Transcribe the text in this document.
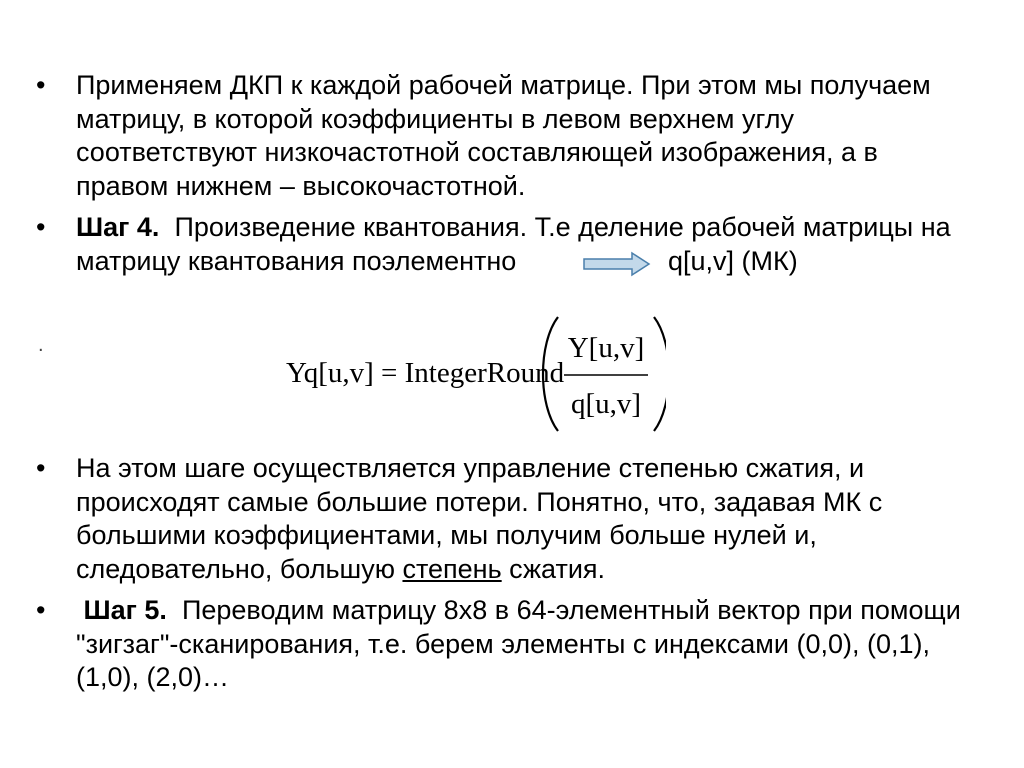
• Применяем ДКП к каждой рабочей матрице. При этом мы получаем
матрицу, в которой коэффициенты в левом верхнем углу
соответствуют низкочастотной составляющей изображения, а в
правом нижнем – высокочастотной.
• Шаг 4. Произведение квантования. Т.е деление рабочей матрицы на
матрицу квантования поэлементно	q[u,v] (МК)
.
Yq[u,v] = IntegerRound
Y[u,v]
q[u,v]
• На этом шаге осуществляется управление степенью сжатия, и
происходят самые большие потери. Понятно, что, задавая МК с
большими коэффициентами, мы получим больше нулей и,
следовательно, большую степень сжатия.
• Шаг 5. Переводим матрицу 8x8 в 64-элементный вектор при помощи
"зигзаг"-сканирования, т.е. берем элементы с индексами (0,0), (0,1),
(1,0), (2,0)…
